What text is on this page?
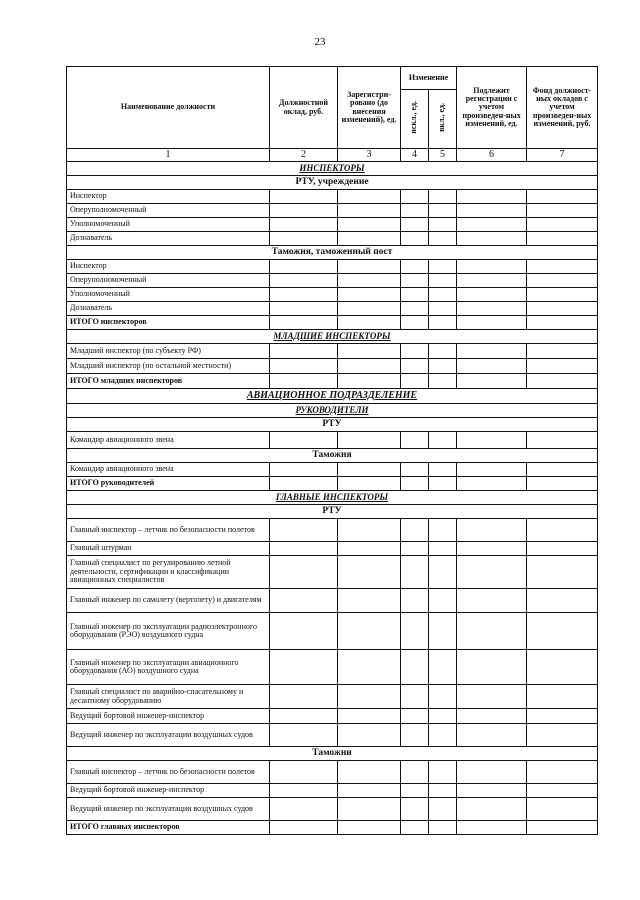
23
Наименование должности	Должностной оклад, руб.	Зарегистри-ровано (до внесения изменений), ед.	Изменение		Подлежит регистрации с учетом произведен-ных изменений, ед.	Фонд должност-ных окладов с учетом произведен-ных изменений, руб.
			искл., ед.	вкл., ед.		
1	2	3	4	5	6	7
ИНСПЕКТОРЫ						
РТУ, учреждение						
Инспектор						
Оперуполномоченный						
Уполномоченный						
Дознаватель						
Таможня, таможенный пост						
Инспектор						
Оперуполномоченный						
Уполномоченный						
Дознаватель						
ИТОГО инспекторов						
МЛАДШИЕ ИНСПЕКТОРЫ						
Младший инспектор (по субъекту РФ)						
Младший инспектор (по остальной местности)						
ИТОГО младших инспекторов						
АВИАЦИОННОЕ ПОДРАЗДЕЛЕНИЕ						
РУКОВОДИТЕЛИ						
РТУ						
Командир авиационного звена						
Таможня						
Командир авиационного звена						
ИТОГО руководителей						
ГЛАВНЫЕ ИНСПЕКТОРЫ						
РТУ						
Главный инспектор – летчик по безопасности полетов						
Главный штурман						
Главный специалист по регулированию летной деятельности, сертификации и классификации авиационных специалистов						
Главный инженер по самолету (вертолету) и двигателям						
Главный инженер по эксплуатации радиоэлектронного оборудования (РЭО) воздушного судна						
Главный инженер по эксплуатации авиационного оборудования (АО) воздушного судна						
Главный специалист по аварийно-спасательному и десантному оборудованию						
Ведущий бортовой инженер-инспектор						
Ведущий инженер по эксплуатации воздушных судов						
Таможни						
Главный инспектор – летчик по безопасности полетов						
Ведущий бортовой инженер-инспектор						
Ведущий инженер по эксплуатации воздушных судов						
ИТОГО главных инспекторов						
